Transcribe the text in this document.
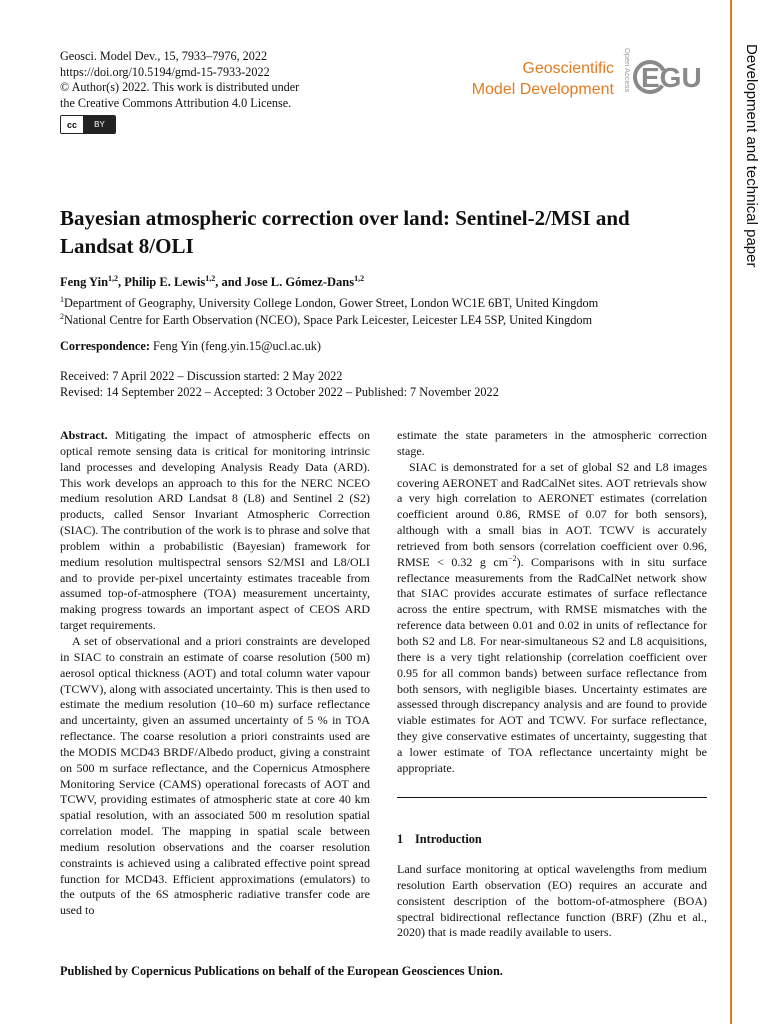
Geosci. Model Dev., 15, 7933–7976, 2022
https://doi.org/10.5194/gmd-15-7933-2022
© Author(s) 2022. This work is distributed under
the Creative Commons Attribution 4.0 License.
cc	BY
Geoscientific
Model Development	Open Access EGU	Development and technical paper
Bayesian atmospheric correction over land: Sentinel-2/MSI and
Landsat 8/OLI
Feng Yin$^{1,2}$, Philip E. Lewis$^{1,2}$, and Jose L. Gómez-Dans$^{1,2}$
$^1$Department of Geography, University College London, Gower Street, London WC1E 6BT, United Kingdom
$^2$National Centre for Earth Observation (NCEO), Space Park Leicester, Leicester LE4 5SP, United Kingdom
Correspondence: Feng Yin (feng.yin.15@ucl.ac.uk)
Received: 7 April 2022 – Discussion started: 2 May 2022
Revised: 14 September 2022 – Accepted: 3 October 2022 – Published: 7 November 2022

Abstract. Mitigating the impact of atmospheric effects on optical remote sensing data is critical for monitoring intrinsic land processes and developing Analysis Ready Data (ARD). This work develops an approach to this for the NERC NCEO medium resolution ARD Landsat 8 (L8) and Sentinel 2 (S2) products, called Sensor Invariant Atmospheric Correction (SIAC). The contribution of the work is to phrase and solve that problem within a probabilistic (Bayesian) framework for medium resolution multispectral sensors S2/MSI and L8/OLI and to provide per-pixel uncertainty estimates traceable from assumed top-of-atmosphere (TOA) measurement uncertainty, making progress towards an important aspect of CEOS ARD target requirements.

A set of observational and a priori constraints are developed in SIAC to constrain an estimate of coarse resolution (500 m) aerosol optical thickness (AOT) and total column water vapour (TCWV), along with associated uncertainty. This is then used to estimate the medium resolution (10–60 m) surface reflectance and uncertainty, given an assumed uncertainty of 5 % in TOA reflectance. The coarse resolution a priori constraints used are the MODIS MCD43 BRDF/Albedo product, giving a constraint on 500 m surface reflectance, and the Copernicus Atmosphere Monitoring Service (CAMS) operational forecasts of AOT and TCWV, providing estimates of atmospheric state at core 40 km spatial resolution, with an associated 500 m resolution spatial correlation model. The mapping in spatial scale between medium resolution observations and the coarser resolution constraints is achieved using a calibrated effective point spread function for MCD43. Efficient approximations (emulators) to the outputs of the 6S atmospheric radiative transfer code are used to

estimate the state parameters in the atmospheric correction stage.

SIAC is demonstrated for a set of global S2 and L8 images covering AERONET and RadCalNet sites. AOT retrievals show a very high correlation to AERONET estimates (correlation coefficient around 0.86, RMSE of 0.07 for both sensors), although with a small bias in AOT. TCWV is accurately retrieved from both sensors (correlation coefficient over 0.96, RMSE < 0.32 g $cm^{-2}$). Comparisons with in situ surface reflectance measurements from the RadCalNet network show that SIAC provides accurate estimates of surface reflectance across the entire spectrum, with RMSE mismatches with the reference data between 0.01 and 0.02 in units of reflectance for both S2 and L8. For near-simultaneous S2 and L8 acquisitions, there is a very tight relationship (correlation coefficient over 0.95 for all common bands) between surface reflectance from both sensors, with negligible biases. Uncertainty estimates are assessed through discrepancy analysis and are found to provide viable estimates for AOT and TCWV. For surface reflectance, they give conservative estimates of uncertainty, suggesting that a lower estimate of TOA reflectance uncertainty might be appropriate.

1 Introduction

Land surface monitoring at optical wavelengths from medium resolution Earth observation (EO) requires an accurate and consistent description of the bottom-of-atmosphere (BOA) spectral bidirectional reflectance function (BRF) (Zhu et al., 2020) that is made readily available to users.

Published by Copernicus Publications on behalf of the European Geosciences Union.
